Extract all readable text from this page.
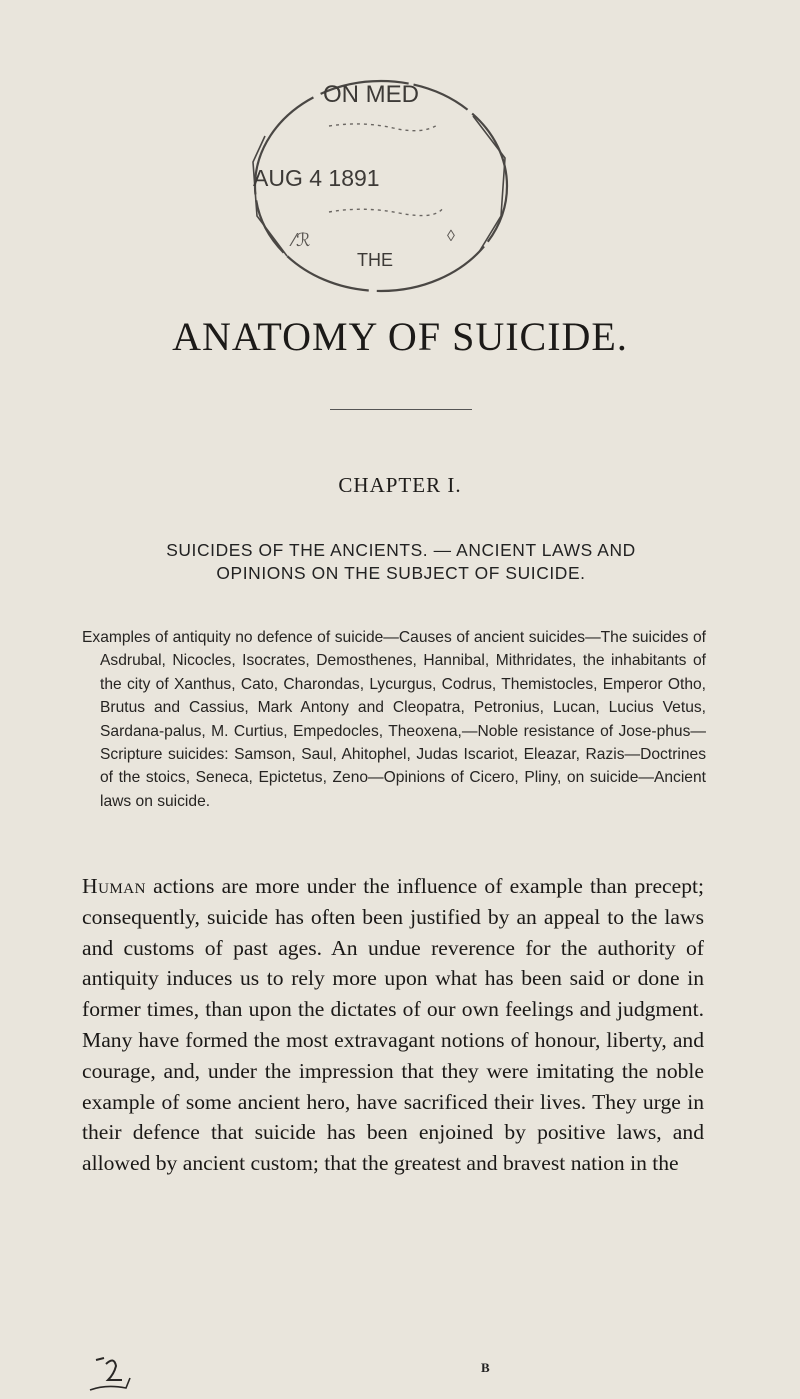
ON MED
AUG 4 1891
THE
⁄ℛ	◊
ANATOMY OF SUICIDE.
CHAPTER I.
SUICIDES OF THE ANCIENTS. — ANCIENT LAWS AND
OPINIONS ON THE SUBJECT OF SUICIDE.
Examples of antiquity no defence of suicide—Causes of ancient suicides—The suicides of Asdrubal, Nicocles, Isocrates, Demosthenes, Hannibal, Mithridates, the inhabitants of the city of Xanthus, Cato, Charondas, Lycurgus, Codrus, Themistocles, Emperor Otho, Brutus and Cassius, Mark Antony and Cleopatra, Petronius, Lucan, Lucius Vetus, Sardana-palus, M. Curtius, Empedocles, Theoxena,—Noble resistance of Jose-phus—Scripture suicides: Samson, Saul, Ahitophel, Judas Iscariot, Eleazar, Razis—Doctrines of the stoics, Seneca, Epictetus, Zeno—Opinions of Cicero, Pliny, on suicide—Ancient laws on suicide.
Human actions are more under the influence of example than precept; consequently, suicide has often been justified by an appeal to the laws and customs of past ages. An undue reverence for the authority of antiquity induces us to rely more upon what has been said or done in former times, than upon the dictates of our own feelings and judgment. Many have formed the most extravagant notions of honour, liberty, and courage, and, under the impression that they were imitating the noble example of some ancient hero, have sacrificed their lives. They urge in their defence that suicide has been enjoined by positive laws, and allowed by ancient custom; that the greatest and bravest nation in the
B
